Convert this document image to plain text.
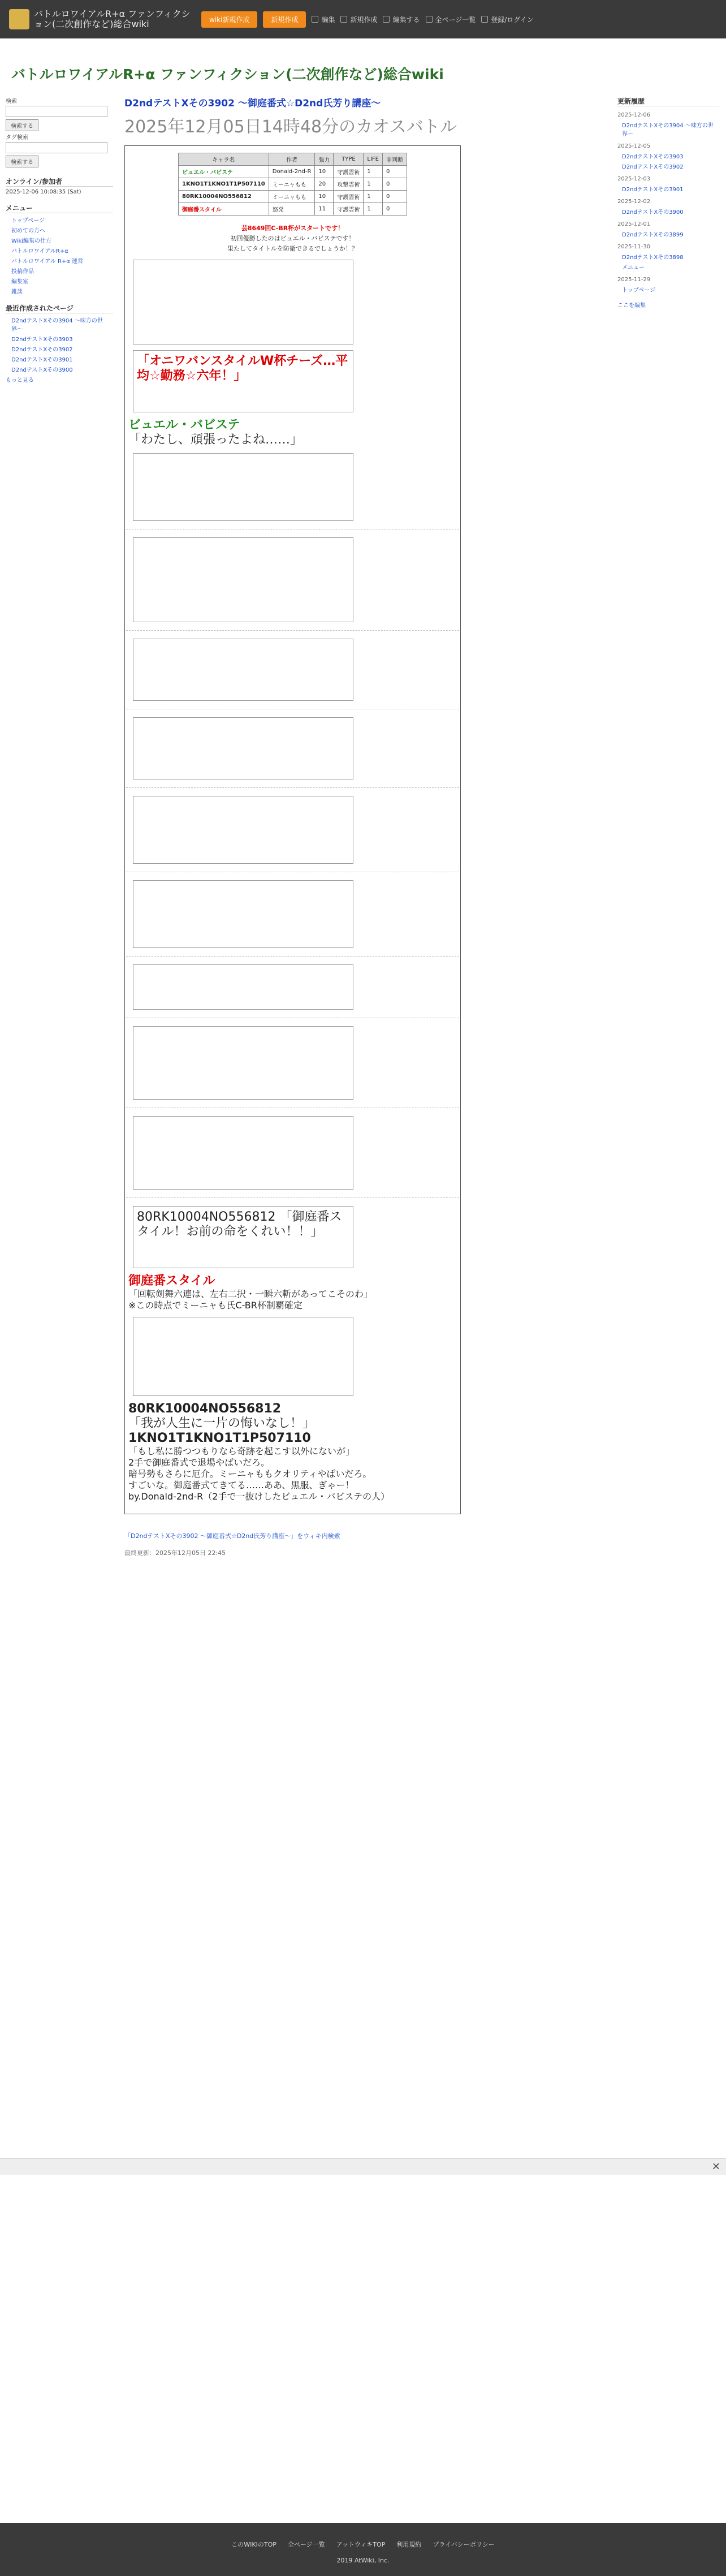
バトルロワイアルR+α ファンフィクション(二次創作など)総合wiki	wiki新規作成	新規作成	編集 新規作成 編集する 全ページ一覧 登録/ログイン
バトルロワイアルR+α ファンフィクション(二次創作など)総合wiki
検索
検索する
タグ検索
検索する
オンライン/参加者
2025-12-06 10:08:35 (Sat)
メニュー
トップページ
初めての方へ
Wiki編集の仕方
バトルロワイアルR+α
バトルロワイアル R+α 運営
投稿作品
編集室
雑談
最近作成されたページ
D2ndテストXその3904 〜味方の世界〜
D2ndテストXその3903
D2ndテストXその3902
D2ndテストXその3901
D2ndテストXその3900
もっと見る
D2ndテストXその3902 〜御庭番式☆D2nd氏芳り講座〜
2025年12月05日14時48分のカオスバトル
キャラ名	作者	強力	TYPE	LIFE	罪判断
ビュエル・バビステ	Donald-2nd-R	10	守護霊術	1	0
1KNO1T1KNO1T1P507110	ミーニャもも	20	攻撃霊術	1	0
80RK10004NO556812	ミーニャもも	10	守護霊術	1	0
御庭番スタイル	怒発	11	守護霊術	1	0
芸8649回C-BR杯がスタートです！
初回優勝したのはビュエル・バビステです！
果たしてタイトルを防衛できるでしょうか！？
「オニワバンスタイルW杯チーズ…平均☆勤務☆六年！」
ビュエル・バビステ
「わたし、頑張ったよね……」
80RK10004NO556812 「御庭番スタイル！お前の命をくれい！！」
御庭番スタイル
「回転剣舞六連は、左右二択・一瞬六斬があってこそのわ」
※この時点でミーニャも氏C-BR杯制覇確定
80RK10004NO556812
「我が人生に一片の悔いなし！」
1KNO1T1KNO1T1P507110
「もし私に勝つつもりなら奇跡を起こす以外にないが」
2手で御庭番式で退場やばいだろ。
暗号勢もさらに厄介。ミーニャももクオリティやばいだろ。
すごいな。御庭番式てきてる……ああ、黒服、ぎゃー！
by.Donald-2nd-R（2手で一抜けしたビュエル・バビステの人）
「D2ndテストXその3902 〜御庭番式☆D2nd氏芳り講座〜」をウィキ内検索
最終更新：2025年12月05日 22:45
更新履歴
2025-12-06
D2ndテストXその3904 〜味方の世界〜
2025-12-05
D2ndテストXその3903
D2ndテストXその3902
2025-12-03
D2ndテストXその3901
2025-12-02
D2ndテストXその3900
2025-12-01
D2ndテストXその3899
2025-11-30
D2ndテストXその3898
メニュー
2025-11-29
トップページ
ここを編集
✕
このWIKIのTOP 全ページ一覧 アットウィキTOP 利用規約 プライバシーポリシー
2019 AtWiki, Inc.
